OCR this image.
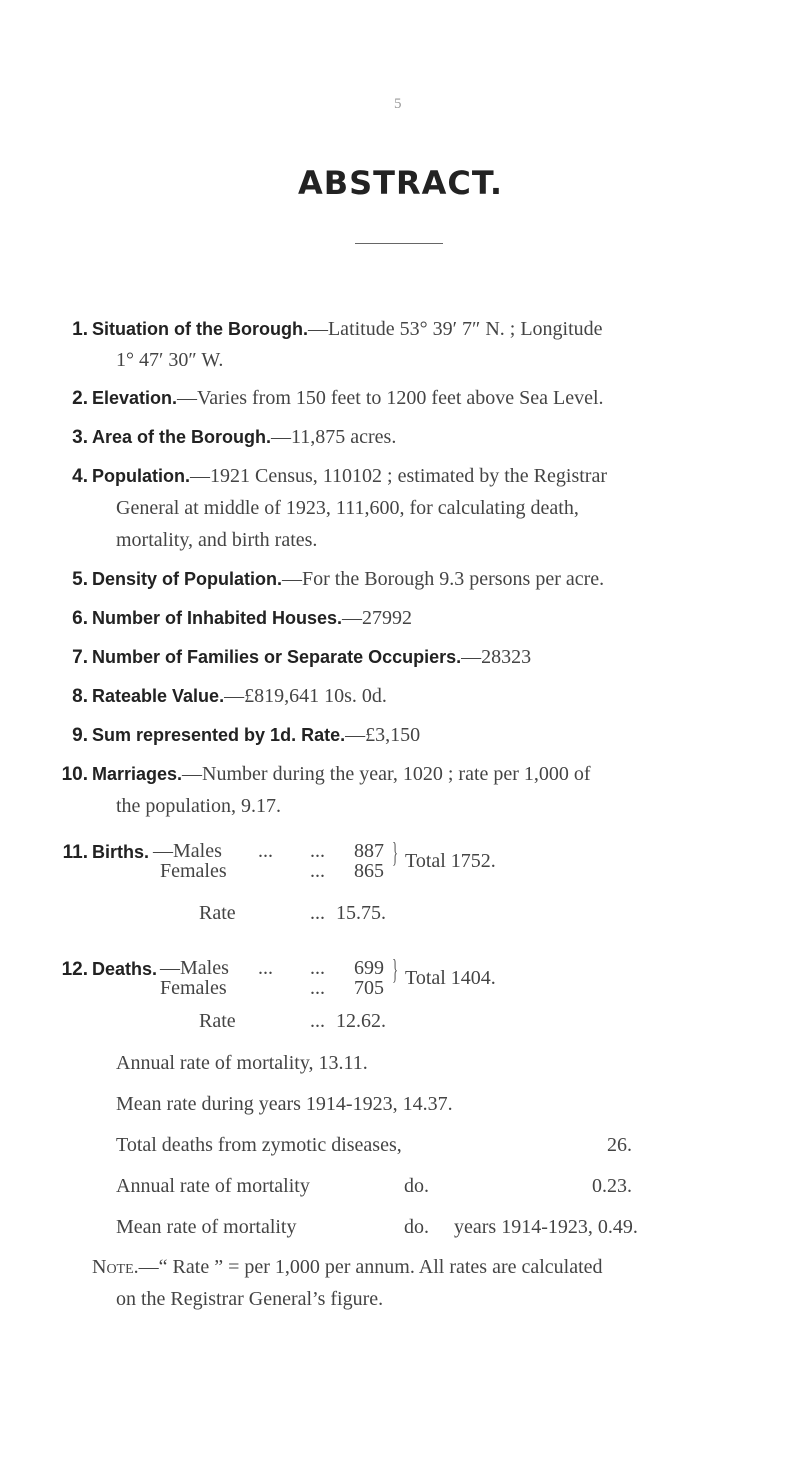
5
ABSTRACT.
1. Situation of the Borough.—Latitude 53° 39′ 7″ N. ; Longitude
1° 47′ 30″ W.
2. Elevation.—Varies from 150 feet to 1200 feet above Sea Level.
3. Area of the Borough.—11,875 acres.
4. Population.—1921 Census, 110102 ; estimated by the Registrar
General at middle of 1923, 111,600, for calculating death,
mortality, and birth rates.
5. Density of Population.—For the Borough 9.3 persons per acre.
6. Number of Inhabited Houses.—27992
7. Number of Families or Separate Occupiers.—28323
8. Rateable Value.—£819,641 10s. 0d.
9. Sum represented by 1d. Rate.—£3,150
10. Marriages.—Number during the year, 1020 ; rate per 1,000 of
the population, 9.17.
11. Births. —Males ... ... 887
Females	... 865
} Total 1752.
Rate	... 15.75.
12. Deaths. —Males ... ... 699
Females	... 705
} Total 1404.
Rate	... 12.62.
Annual rate of mortality, 13.11.
Mean rate during years 1914-1923, 14.37.
Total deaths from zymotic diseases,	26.
Annual rate of mortality	do.	0.23.
Mean rate of mortality	do. years 1914-1923, 0.49.
Note.—“ Rate ” = per 1,000 per annum. All rates are calculated
on the Registrar General’s figure.
